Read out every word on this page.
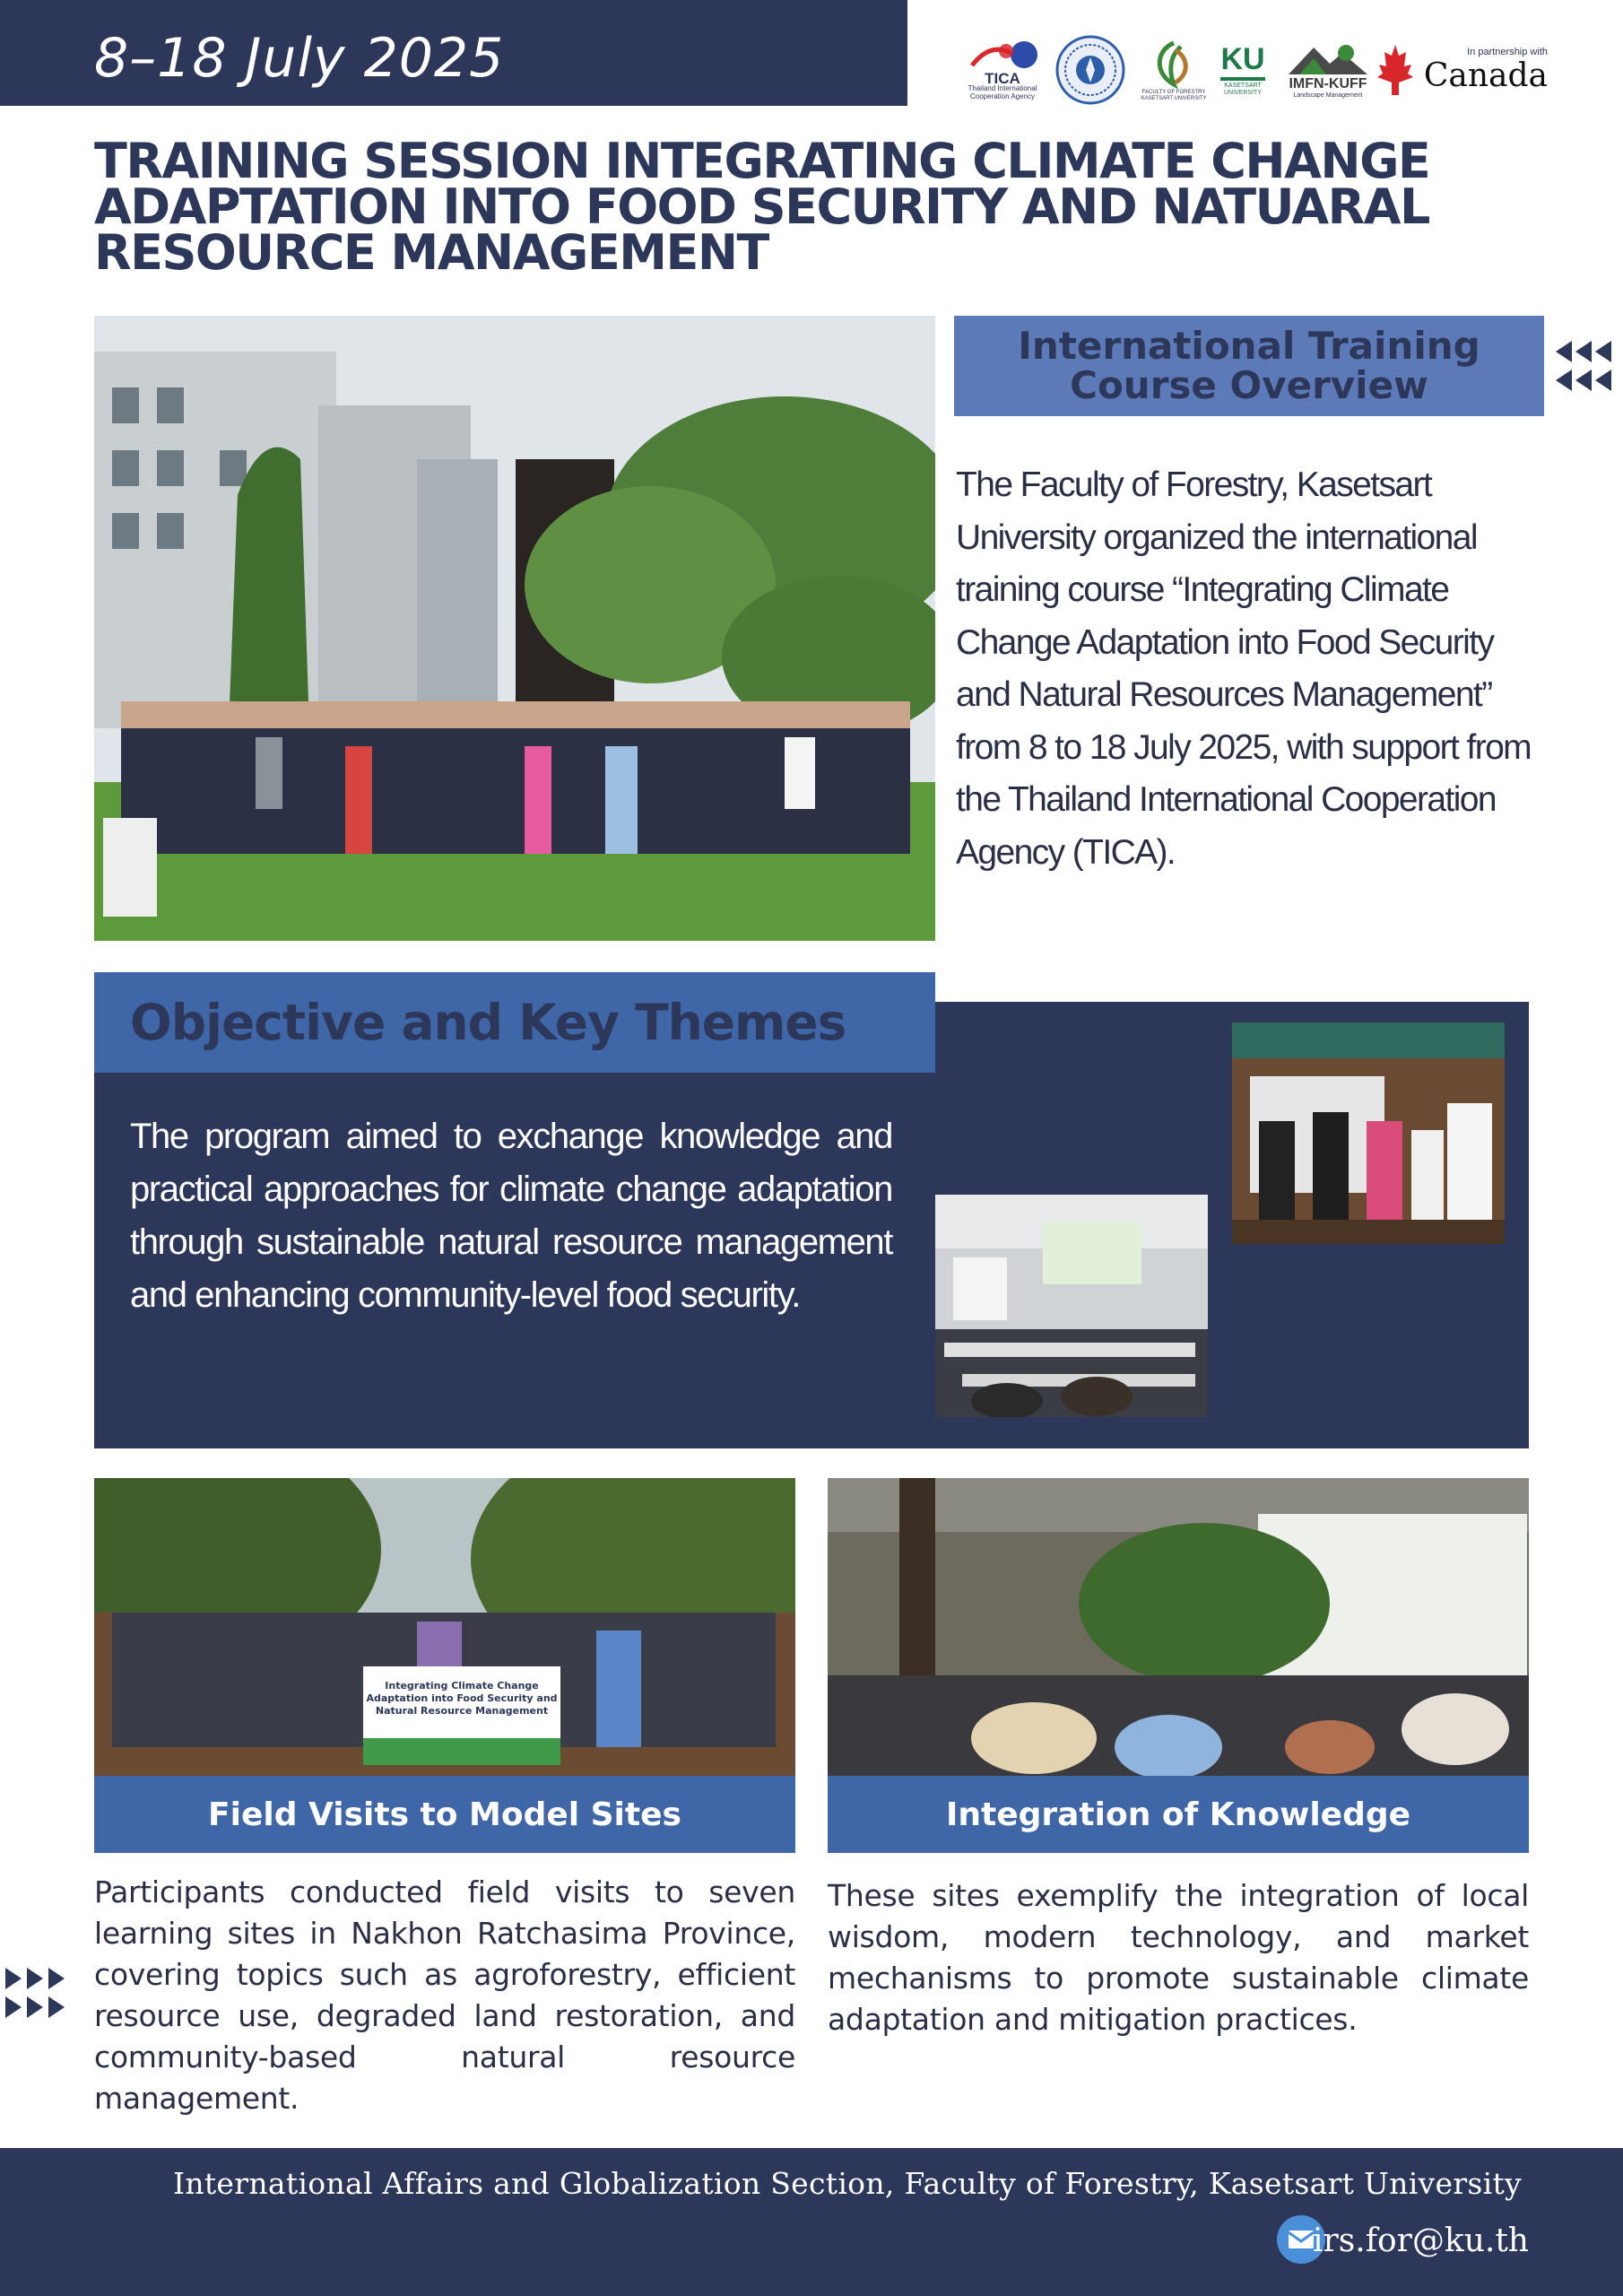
8–18 July 2025	TICA
Thailand International Cooperation Agency	FACULTY OF FORESTRY KASETSART UNIVERSITY
KU
KASETSART UNIVERSITY
IMFN-KUFF
Landscape Management
In partnership with
Canada
TRAINING SESSION INTEGRATING CLIMATE CHANGE ADAPTATION INTO FOOD SECURITY AND NATUARAL RESOURCE MANAGEMENT
International Training Course Overview
The Faculty of Forestry, Kasetsart University organized the international training course “Integrating Climate Change Adaptation into Food Security and Natural Resources Management” from 8 to 18 July 2025, with support from the Thailand International Cooperation Agency (TICA).
Objective and Key Themes
The program aimed to exchange knowledge and practical approaches for climate change adaptation through sustainable natural resource management and enhancing community-level food security.
Integrating Climate Change
Adaptation into Food Security and
Natural Resource Management
Field Visits to Model Sites
Participants conducted field visits to seven learning sites in Nakhon Ratchasima Province, covering topics such as agroforestry, efficient resource use, degraded land restoration, and community-based natural resource management.
Integration of Knowledge
These sites exemplify the integration of local wisdom, modern technology, and market mechanisms to promote sustainable climate adaptation and mitigation practices.
International Affairs and Globalization Section, Faculty of Forestry, Kasetsart University
irs.for@ku.th
